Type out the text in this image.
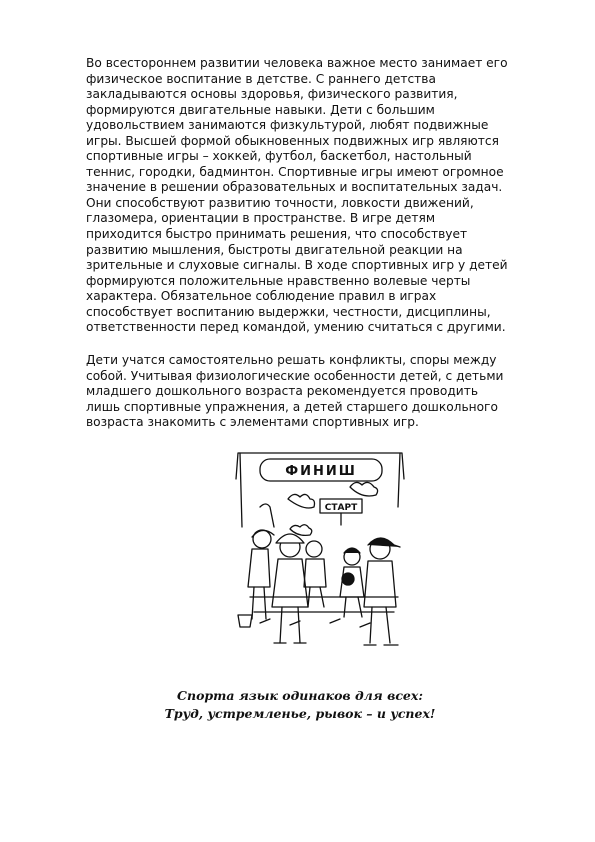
Во всестороннем развитии человека важное место занимает его
физическое воспитание в детстве. С раннего детства
закладываются основы здоровья, физического развития,
формируются двигательные навыки. Дети с большим
удовольствием занимаются физкультурой, любят подвижные
игры. Высшей формой обыкновенных подвижных игр являются
спортивные игры – хоккей, футбол, баскетбол, настольный
теннис, городки, бадминтон. Спортивные игры имеют огромное
значение в решении образовательных и воспитательных задач.
Они способствуют развитию точности, ловкости движений,
глазомера, ориентации в пространстве. В игре детям
приходится быстро принимать решения, что способствует
развитию мышления, быстроты двигательной реакции на
зрительные и слуховые сигналы. В ходе спортивных игр у детей
формируются положительные нравственно волевые черты
характера. Обязательное соблюдение правил в играх
способствует воспитанию выдержки, честности, дисциплины,
ответственности перед командой, умению считаться с другими.

Дети учатся самостоятельно решать конфликты, споры между
собой. Учитывая физиологические особенности детей, с детьми
младшего дошкольного возраста рекомендуется проводить
лишь спортивные упражнения, а детей старшего дошкольного
возраста знакомить с элементами спортивных игр.

ФИНИШ
СТАРТ
Спорта язык одинаков для всех:
Труд, устремленье, рывок – и успех!
